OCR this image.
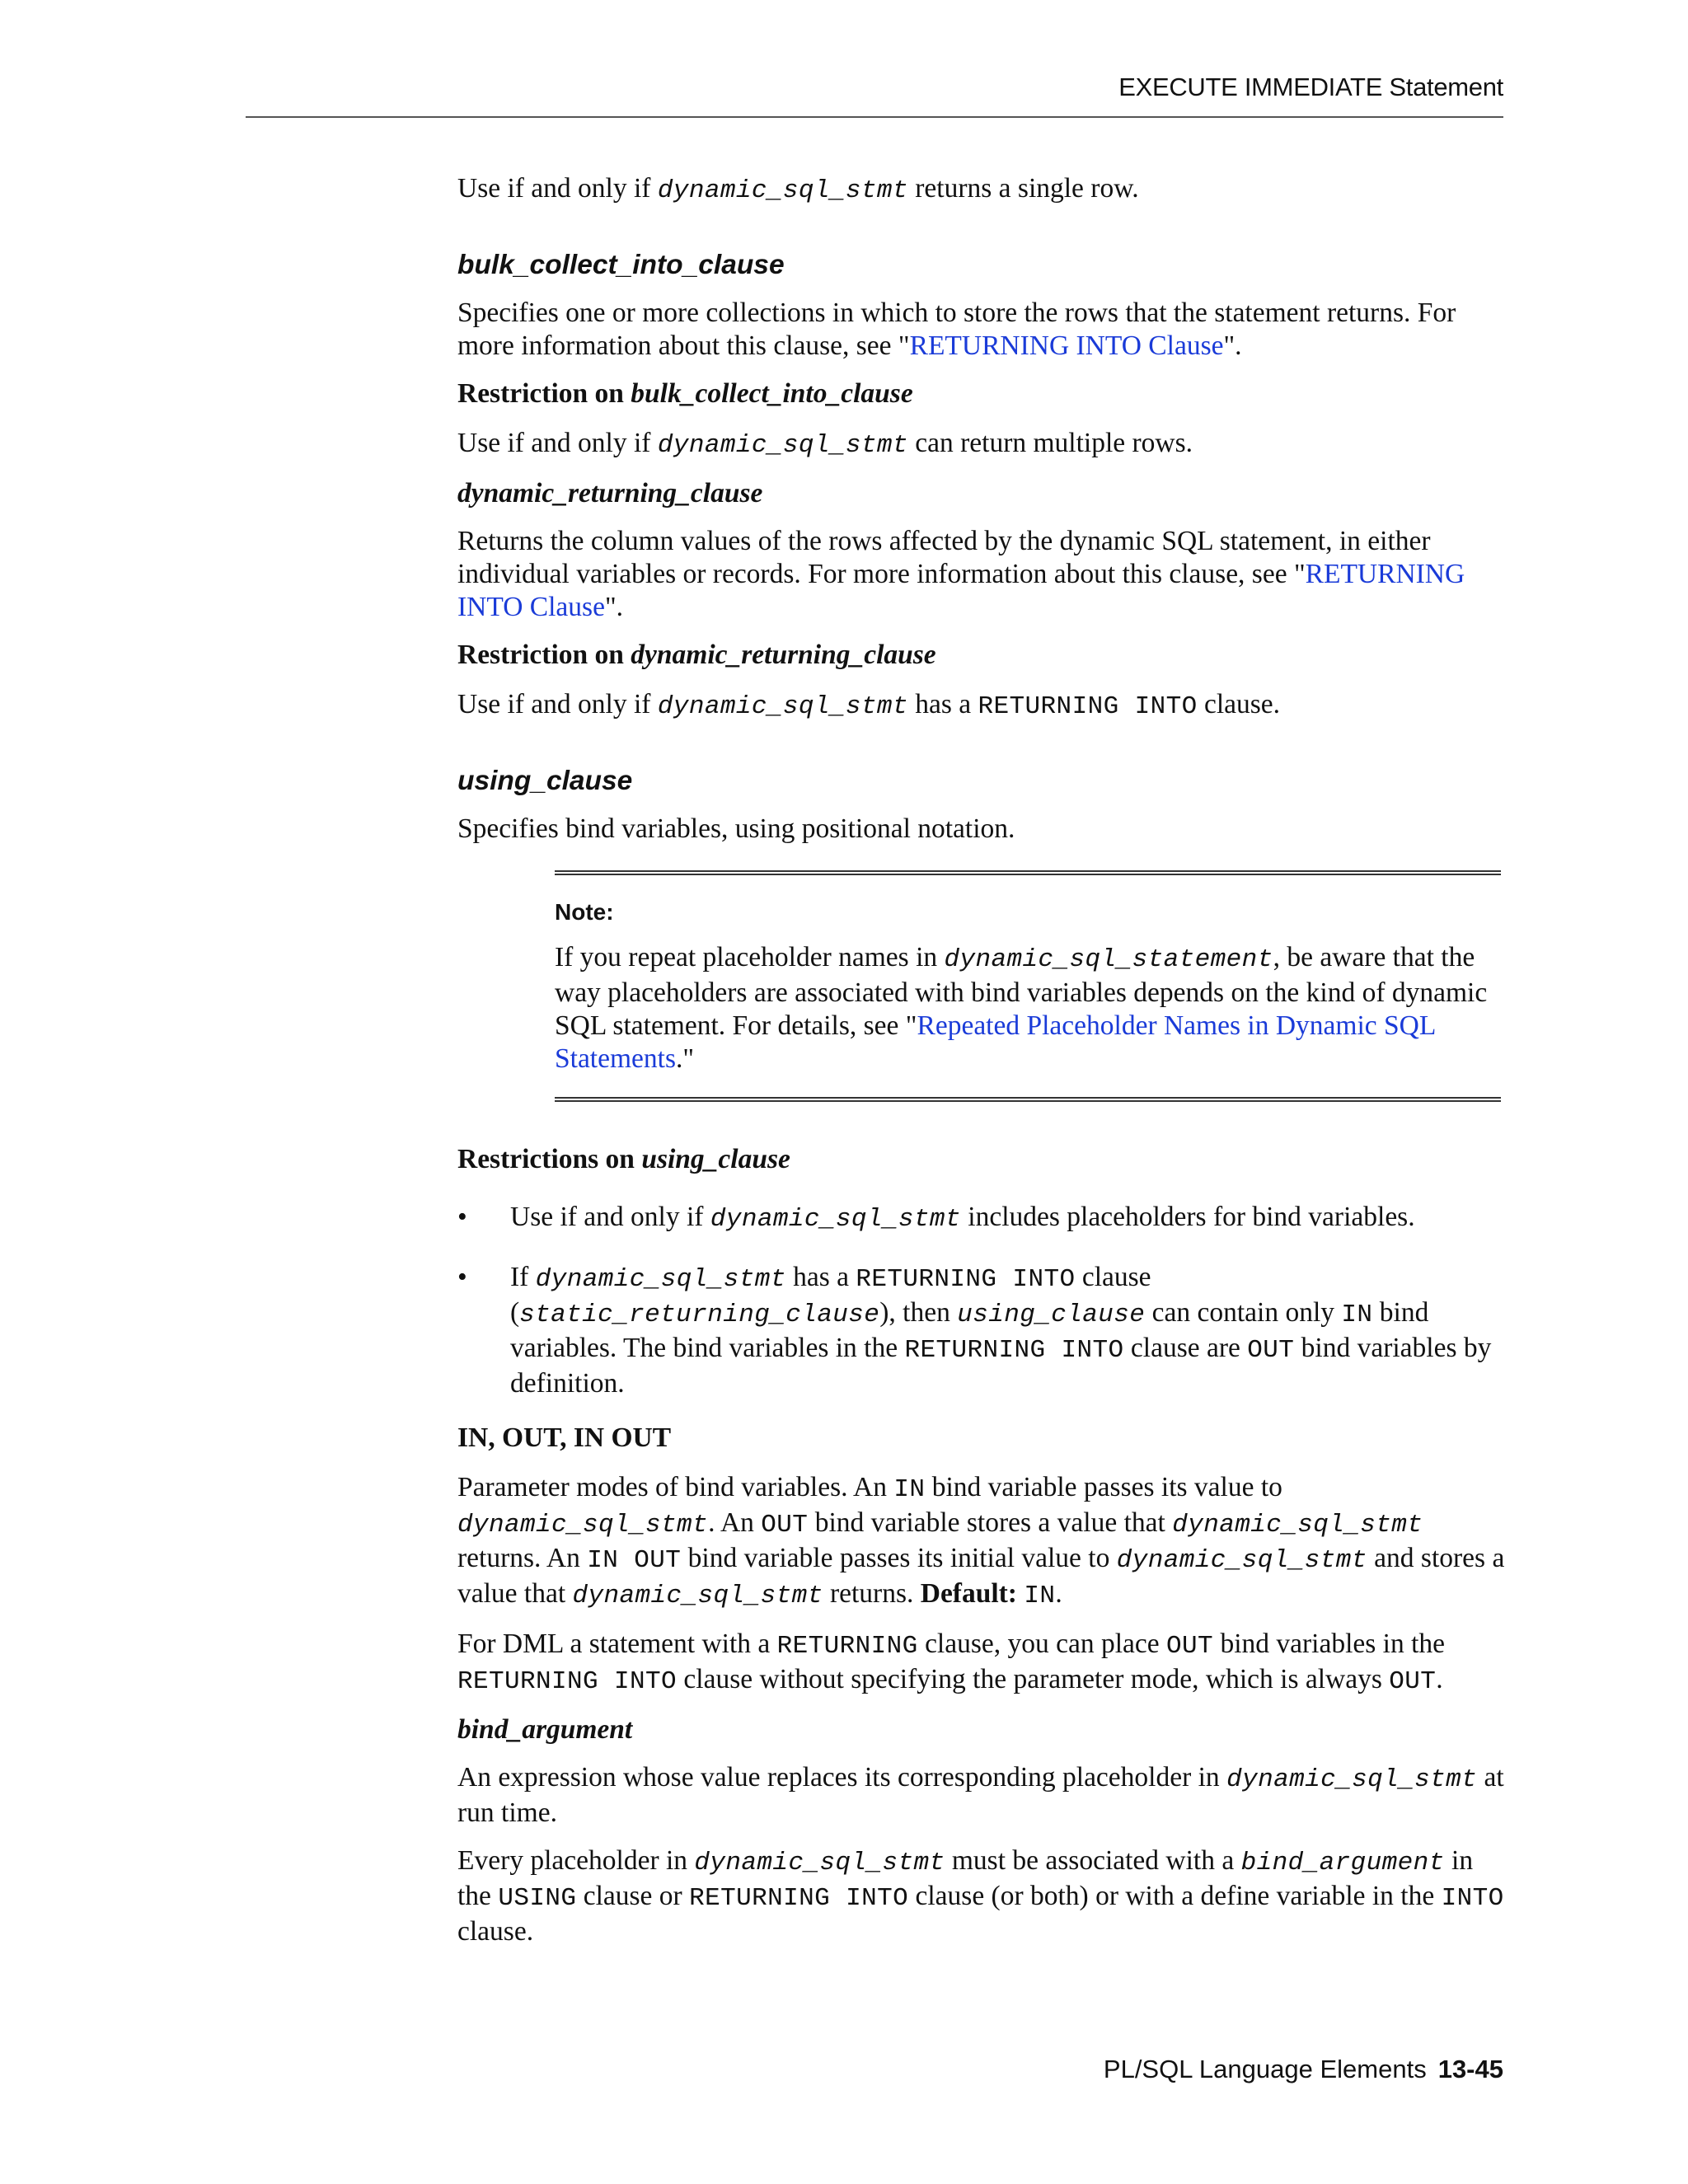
EXECUTE IMMEDIATE Statement

Use if and only if dynamic_sql_stmt returns a single row.

bulk_collect_into_clause

Specifies one or more collections in which to store the rows that the statement returns. For more information about this clause, see "RETURNING INTO Clause".

Restriction on bulk_collect_into_clause

Use if and only if dynamic_sql_stmt can return multiple rows.

dynamic_returning_clause

Returns the column values of the rows affected by the dynamic SQL statement, in either individual variables or records. For more information about this clause, see "RETURNING INTO Clause".

Restriction on dynamic_returning_clause

Use if and only if dynamic_sql_stmt has a RETURNING INTO clause.

using_clause

Specifies bind variables, using positional notation.

Note:

If you repeat placeholder names in dynamic_sql_statement, be aware that the way placeholders are associated with bind variables depends on the kind of dynamic SQL statement. For details, see "Repeated Placeholder Names in Dynamic SQL Statements."

Restrictions on using_clause

• Use if and only if dynamic_sql_stmt includes placeholders for bind variables.
• If dynamic_sql_stmt has a RETURNING INTO clause (static_returning_clause), then using_clause can contain only IN bind variables. The bind variables in the RETURNING INTO clause are OUT bind variables by definition.

IN, OUT, IN OUT

Parameter modes of bind variables. An IN bind variable passes its value to dynamic_sql_stmt. An OUT bind variable stores a value that dynamic_sql_stmt returns. An IN OUT bind variable passes its initial value to dynamic_sql_stmt and stores a value that dynamic_sql_stmt returns. Default: IN.

For DML a statement with a RETURNING clause, you can place OUT bind variables in the RETURNING INTO clause without specifying the parameter mode, which is always OUT.

bind_argument

An expression whose value replaces its corresponding placeholder in dynamic_sql_stmt at run time.

Every placeholder in dynamic_sql_stmt must be associated with a bind_argument in the USING clause or RETURNING INTO clause (or both) or with a define variable in the INTO clause.

PL/SQL Language Elements 13-45
